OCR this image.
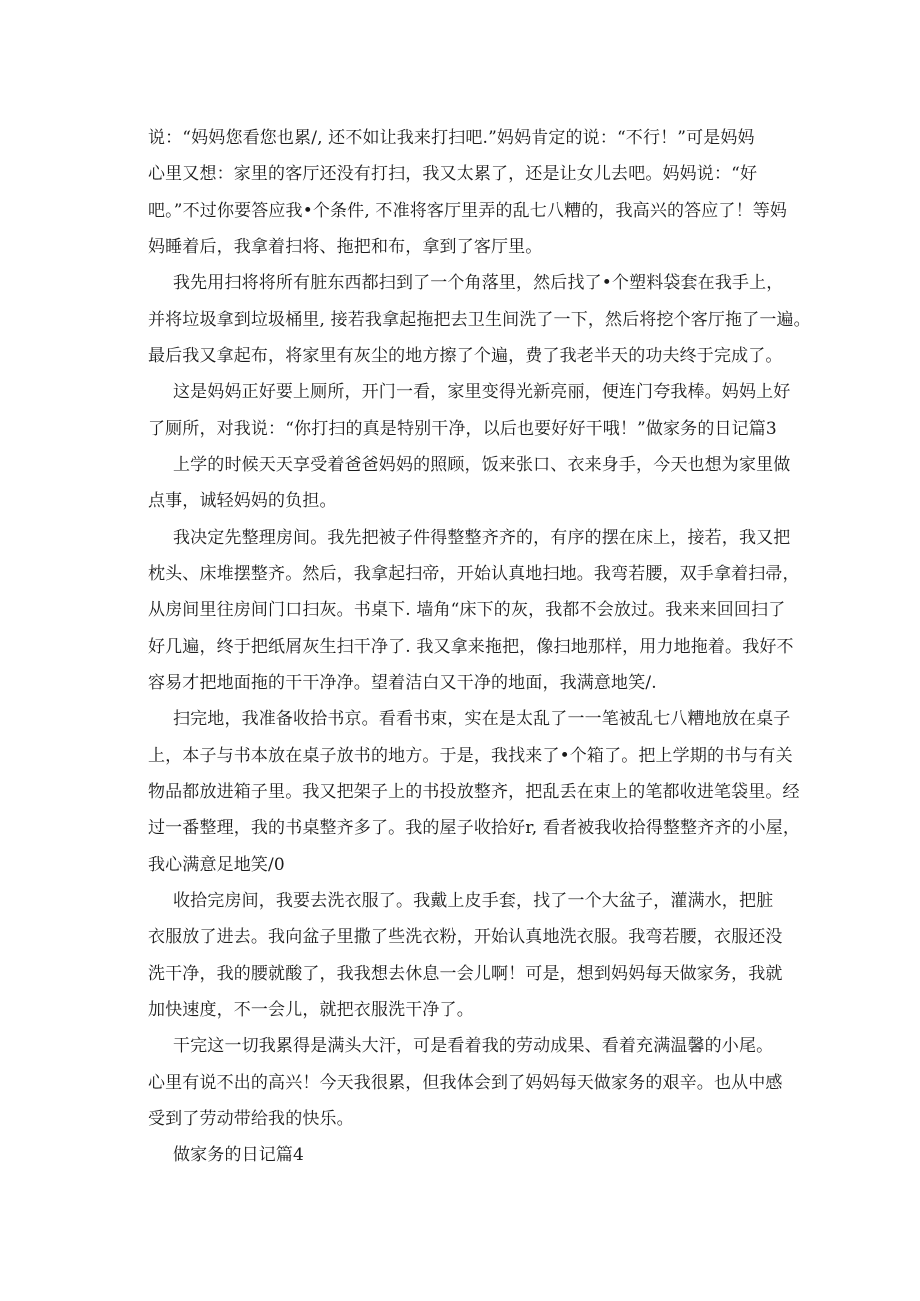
说：“妈妈您看您也累/, 还不如让我来打扫吧.”妈妈肯定的说：“不行！”可是妈妈
心里又想：家里的客厅还没有打扫，我又太累了，还是让女儿去吧。妈妈说：“好
吧。”不过你要答应我•个条件, 不准将客厅里弄的乱七八糟的，我高兴的答应了！等妈
妈睡着后，我拿着扫将、拖把和布，拿到了客厅里。
我先用扫将将所有脏东西都扫到了一个角落里，然后找了•个塑料袋套在我手上，
并将垃圾拿到垃圾桶里, 接若我拿起拖把去卫生间洗了一下，然后将挖个客厅拖了一遍。
最后我又拿起布，将家里有灰尘的地方擦了个遍，费了我老半天的功夫终于完成了。
这是妈妈正好要上厕所，开门一看，家里变得光新亮丽，便连门夸我棒。妈妈上好
了厕所，对我说：“你打扫的真是特别干净，以后也要好好干哦！”做家务的日记篇3
上学的时候天天享受着爸爸妈妈的照顾，饭来张口、衣来身手，今天也想为家里做
点事，诚轻妈妈的负担。
我决定先整理房间。我先把被子件得整整齐齐的，有序的摆在床上，接若，我又把
枕头、床堆摆整齐。然后，我拿起扫帝，开始认真地扫地。我弯若腰，双手拿着扫帚，
从房间里往房间门口扫灰。书桌下. 墙角“床下的灰，我都不会放过。我来来回回扫了
好几遍，终于把纸屑灰生扫干净了. 我又拿来拖把，像扫地那样，用力地拖着。我好不
容易才把地面拖的干干净净。望着洁白又干净的地面，我满意地笑/.
扫完地，我准备收拾书京。看看书束，实在是太乱了一一笔被乱七八糟地放在桌子
上，本子与书本放在桌子放书的地方。于是，我找来了•个箱了。把上学期的书与有关
物品都放进箱子里。我又把架子上的书投放整齐，把乱丢在束上的笔都收进笔袋里。经
过一番整理，我的书桌整齐多了。我的屋子收拾好r, 看者被我收拾得整整齐齐的小屋，
我心满意足地笑/0
收拾完房间，我要去洗衣服了。我戴上皮手套，找了一个大盆子，灌满水，把脏
衣服放了进去。我向盆子里撒了些洗衣粉，开始认真地洗衣服。我弯若腰，衣服还没
洗干净，我的腰就酸了，我我想去休息一会儿啊！可是，想到妈妈每天做家务，我就
加快速度，不一会儿，就把衣服洗干净了。
干完这一切我累得是满头大汗，可是看着我的劳动成果、看着充满温馨的小尾。
心里有说不出的高兴！今天我很累，但我体会到了妈妈每天做家务的艰辛。也从中感
受到了劳动带给我的快乐。
做家务的日记篇4
